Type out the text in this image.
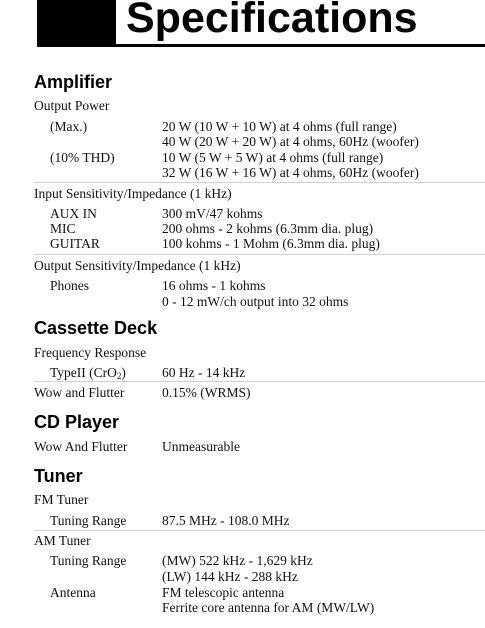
Specifications
Amplifier
Output Power
(Max.)	20 W (10 W + 10 W) at 4 ohms (full range)
40 W (20 W + 20 W) at 4 ohms, 60Hz (woofer)
(10% THD)	10 W (5 W + 5 W) at 4 ohms (full range)
32 W (16 W + 16 W) at 4 ohms, 60Hz (woofer)
Input Sensitivity/Impedance (1 kHz)
AUX IN	300 mV/47 kohms
MIC	200 ohms - 2 kohms (6.3mm dia. plug)
GUITAR	100 kohms - 1 Mohm (6.3mm dia. plug)
Output Sensitivity/Impedance (1 kHz)
Phones	16 ohms - 1 kohms
0 - 12 mW/ch output into 32 ohms
Cassette Deck
Frequency Response
TypeII (CrO$_2$)	60 Hz - 14 kHz
Wow and Flutter	0.15% (WRMS)
CD Player
Wow And Flutter	Unmeasurable
Tuner
FM Tuner
Tuning Range	87.5 MHz - 108.0 MHz
AM Tuner
Tuning Range	(MW) 522 kHz - 1,629 kHz
(LW) 144 kHz - 288 kHz
Antenna	FM telescopic antenna
Ferrite core antenna for AM (MW/LW)
